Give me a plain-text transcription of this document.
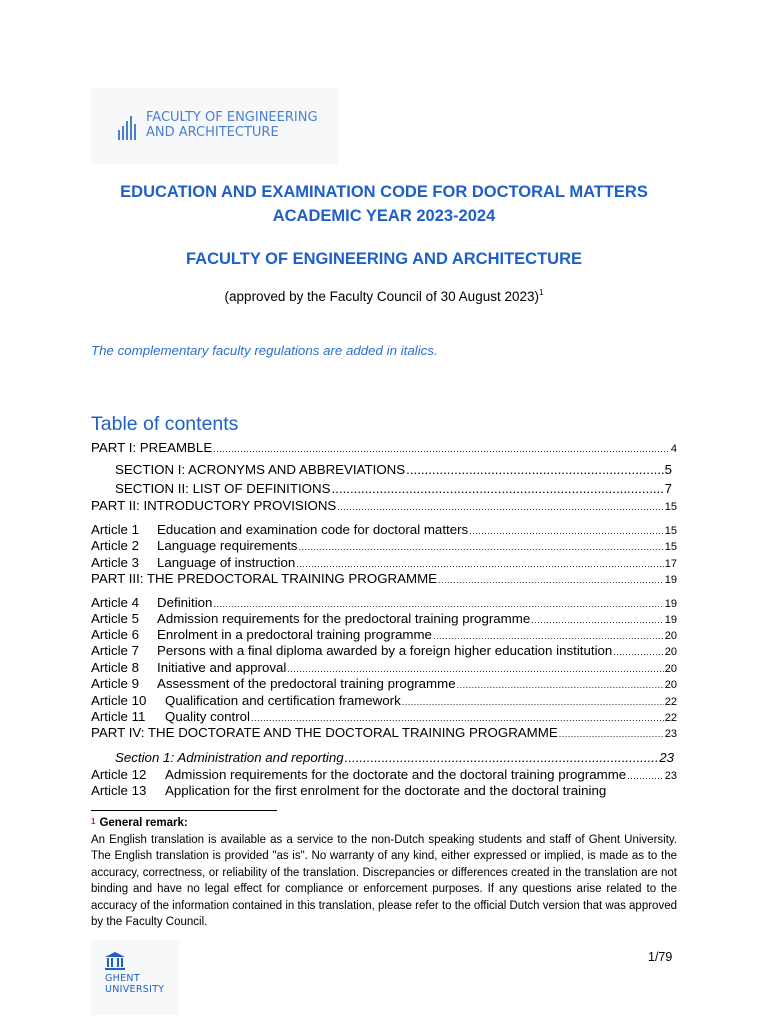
FACULTY OF ENGINEERING
AND ARCHITECTURE
EDUCATION AND EXAMINATION CODE FOR DOCTORAL MATTERS
ACADEMIC YEAR 2023-2024
FACULTY OF ENGINEERING AND ARCHITECTURE
(approved by the Faculty Council of 30 August 2023)$^1$
The complementary faculty regulations are added in italics.
Table of contents
PART I: PREAMBLE .....	4
SECTION I: ACRONYMS AND ABBREVIATIONS .....	5
SECTION II: LIST OF DEFINITIONS .....	7
PART II: INTRODUCTORY PROVISIONS .....	15
Article 1	Education and examination code for doctoral matters .....	15
Article 2	Language requirements .....	15
Article 3	Language of instruction .....	17
PART III: THE PREDOCTORAL TRAINING PROGRAMME .....	19
Article 4	Definition .....	19
Article 5	Admission requirements for the predoctoral training programme .....	19
Article 6	Enrolment in a predoctoral training programme .....	20
Article 7	Persons with a final diploma awarded by a foreign higher education institution .....	20
Article 8	Initiative and approval .....	20
Article 9	Assessment of the predoctoral training programme .....	20
Article 10	Qualification and certification framework .....	22
Article 11	Quality control .....	22
PART IV: THE DOCTORATE AND THE DOCTORAL TRAINING PROGRAMME .....	23
Section 1: Administration and reporting .....	23
Article 12	Admission requirements for the doctorate and the doctoral training programme .....	23
Article 13	Application for the first enrolment for the doctorate and the doctoral training
$^1$ General remark:
An English translation is available as a service to the non-Dutch speaking students and staff of Ghent University. The English translation is provided "as is". No warranty of any kind, either expressed or implied, is made as to the accuracy, correctness, or reliability of the translation. Discrepancies or differences created in the translation are not binding and have no legal effect for compliance or enforcement purposes. If any questions arise related to the accuracy of the information contained in this translation, please refer to the official Dutch version that was approved by the Faculty Council.
1/79
GHENT
UNIVERSITY
